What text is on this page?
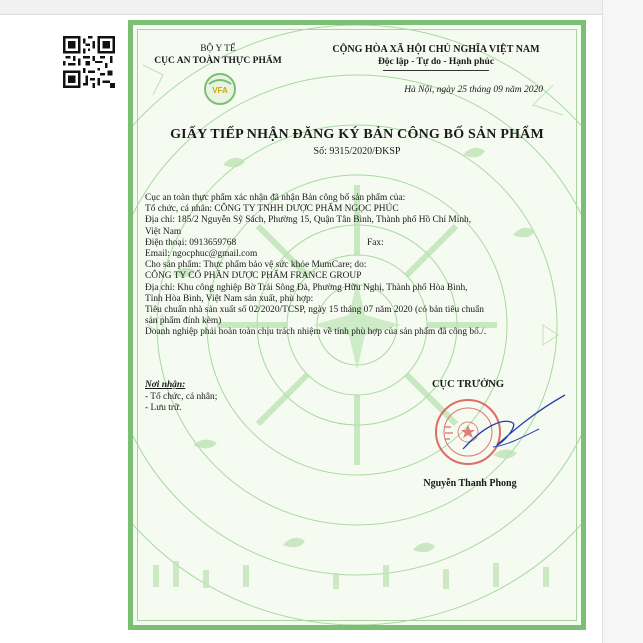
BỘ Y TẾ
CỤC AN TOÀN THỰC PHẨM
VFA
CỘNG HÒA XÃ HỘI CHỦ NGHĨA VIỆT NAM
Độc lập - Tự do - Hạnh phúc
Hà Nội, ngày 25 tháng 09 năm 2020
GIẤY TIẾP NHẬN ĐĂNG KÝ BẢN CÔNG BỐ SẢN PHẨM
Số: 9315/2020/ĐKSP
Cục an toàn thực phẩm xác nhận đã nhận Bản công bố sản phẩm của:
Tổ chức, cá nhân: CÔNG TY TNHH DƯỢC PHẨM NGỌC PHÚC
Địa chỉ: 185/2 Nguyễn Sỹ Sách, Phường 15, Quận Tân Bình, Thành phố Hồ Chí Minh,
Việt Nam
Điện thoại: 0913659768	Fax:
Email: ngocphuc@gmail.com
Cho sản phẩm: Thực phẩm bảo vệ sức khỏe MumCare; do:
CÔNG TY CỔ PHẦN DƯỢC PHẨM FRANCE GROUP
Địa chỉ: Khu công nghiệp Bờ Trái Sông Đà, Phường Hữu Nghị, Thành phố Hòa Bình,
Tỉnh Hòa Bình, Việt Nam sản xuất, phù hợp:
Tiêu chuẩn nhà sản xuất số 02/2020/TCSP, ngày 15 tháng 07 năm 2020 (có bản tiêu chuẩn
sản phẩm đính kèm)
Doanh nghiệp phải hoàn toàn chịu trách nhiệm về tính phù hợp của sản phẩm đã công bố./.
Nơi nhận:
- Tổ chức, cá nhân;
- Lưu trữ.
CỤC TRƯỞNG
Nguyễn Thanh Phong
